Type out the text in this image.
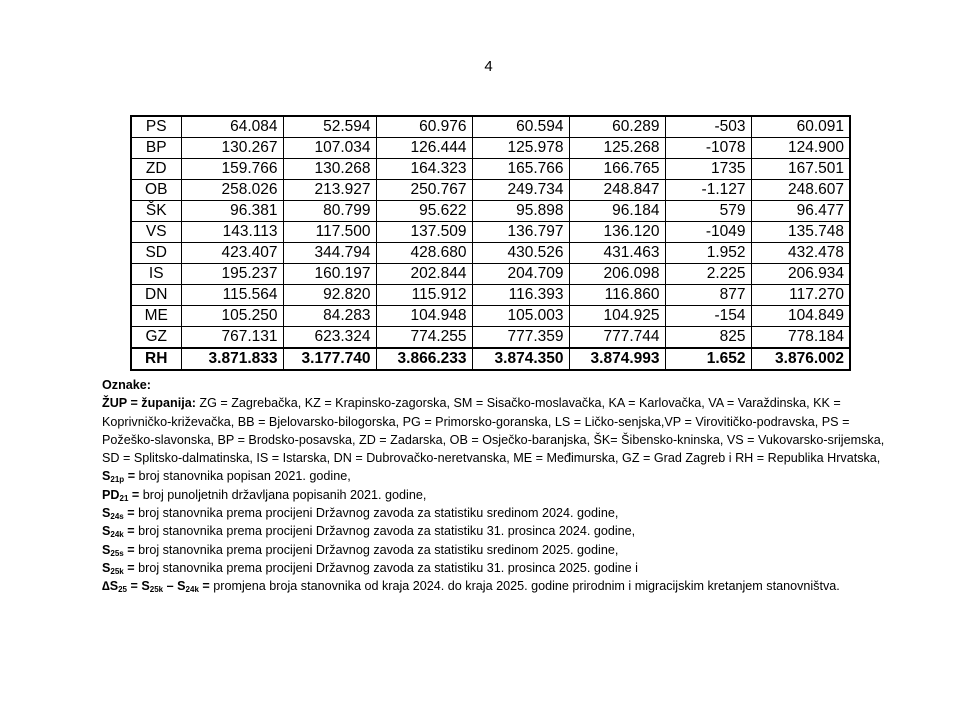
4
PS	64.084	52.594	60.976	60.594	60.289	-503	60.091
BP	130.267	107.034	126.444	125.978	125.268	-1078	124.900
ZD	159.766	130.268	164.323	165.766	166.765	1735	167.501
OB	258.026	213.927	250.767	249.734	248.847	-1.127	248.607
ŠK	96.381	80.799	95.622	95.898	96.184	579	96.477
VS	143.113	117.500	137.509	136.797	136.120	-1049	135.748
SD	423.407	344.794	428.680	430.526	431.463	1.952	432.478
IS	195.237	160.197	202.844	204.709	206.098	2.225	206.934
DN	115.564	92.820	115.912	116.393	116.860	877	117.270
ME	105.250	84.283	104.948	105.003	104.925	-154	104.849
GZ	767.131	623.324	774.255	777.359	777.744	825	778.184
RH	3.871.833	3.177.740	3.866.233	3.874.350	3.874.993	1.652	3.876.002

Oznake:

ŽUP = županija: ZG = Zagrebačka, KZ = Krapinsko-zagorska, SM = Sisačko-moslavačka, KA = Karlovačka, VA = Varaždinska, KK = Koprivničko-križevačka, BB = Bjelovarsko-bilogorska, PG = Primorsko-goranska, LS = Ličko-senjska,VP = Virovitičko-podravska, PS = Požeško-slavonska, BP = Brodsko-posavska, ZD = Zadarska, OB = Osječko-baranjska, ŠK= Šibensko-kninska, VS = Vukovarsko-srijemska, SD = Splitsko-dalmatinska, IS = Istarska, DN = Dubrovačko-neretvanska, ME = Međimurska, GZ = Grad Zagreb i RH = Republika Hrvatska,

$S_{21p}$ = broj stanovnika popisan 2021. godine,

$PD_{21}$ = broj punoljetnih državljana popisanih 2021. godine,

$S_{24s}$ = broj stanovnika prema procijeni Državnog zavoda za statistiku sredinom 2024. godine,

$S_{24k}$ = broj stanovnika prema procijeni Državnog zavoda za statistiku 31. prosinca 2024. godine,

$S_{25s}$ = broj stanovnika prema procijeni Državnog zavoda za statistiku sredinom 2025. godine,

$S_{25k}$ = broj stanovnika prema procijeni Državnog zavoda za statistiku 31. prosinca 2025. godine i

$\Delta S_{25} = S_{25k} - S_{24k}$ = promjena broja stanovnika od kraja 2024. do kraja 2025. godine prirodnim i migracijskim kretanjem stanovništva.
